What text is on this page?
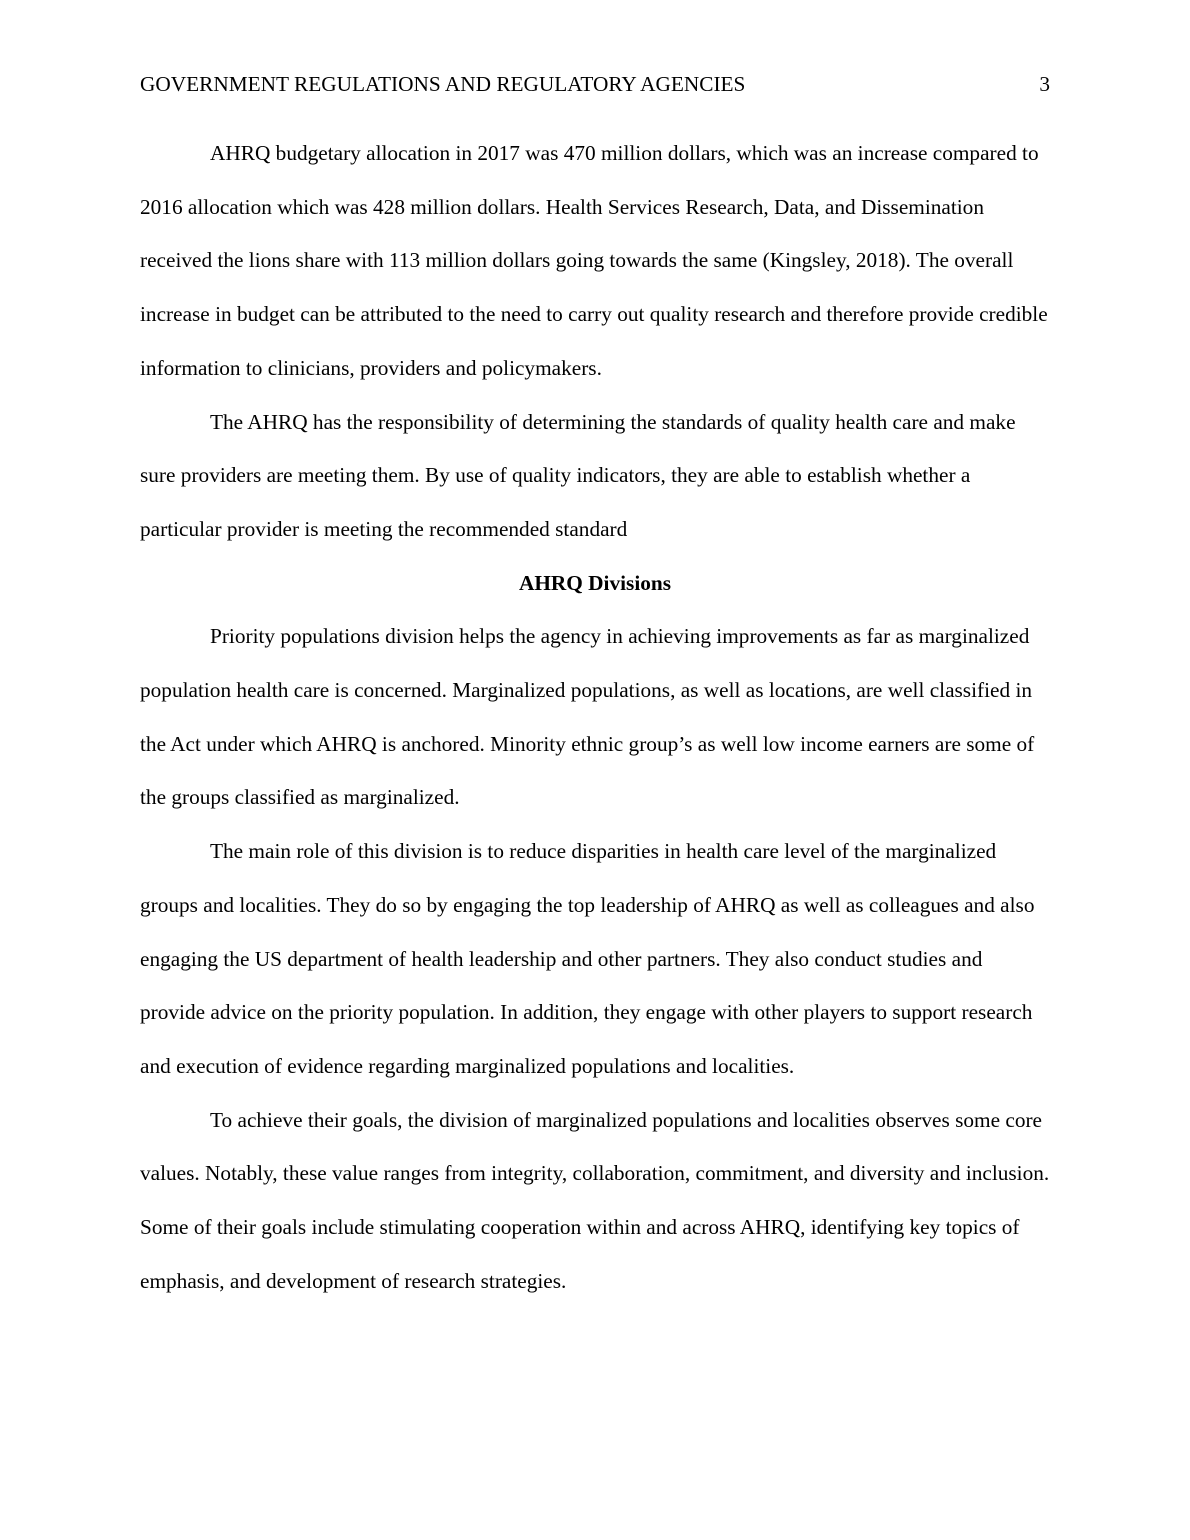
GOVERNMENT REGULATIONS AND REGULATORY AGENCIES	3

AHRQ budgetary allocation in 2017 was 470 million dollars, which was an increase compared to 2016 allocation which was 428 million dollars. Health Services Research, Data, and Dissemination received the lions share with 113 million dollars going towards the same (Kingsley, 2018). The overall increase in budget can be attributed to the need to carry out quality research and therefore provide credible information to clinicians, providers and policymakers.

The AHRQ has the responsibility of determining the standards of quality health care and make sure providers are meeting them. By use of quality indicators, they are able to establish whether a particular provider is meeting the recommended standard

AHRQ Divisions

Priority populations division helps the agency in achieving improvements as far as marginalized population health care is concerned. Marginalized populations, as well as locations, are well classified in the Act under which AHRQ is anchored. Minority ethnic group’s as well low income earners are some of the groups classified as marginalized.

The main role of this division is to reduce disparities in health care level of the marginalized groups and localities. They do so by engaging the top leadership of AHRQ as well as colleagues and also engaging the US department of health leadership and other partners. They also conduct studies and provide advice on the priority population. In addition, they engage with other players to support research and execution of evidence regarding marginalized populations and localities.

To achieve their goals, the division of marginalized populations and localities observes some core values. Notably, these value ranges from integrity, collaboration, commitment, and diversity and inclusion. Some of their goals include stimulating cooperation within and across AHRQ, identifying key topics of emphasis, and development of research strategies.
